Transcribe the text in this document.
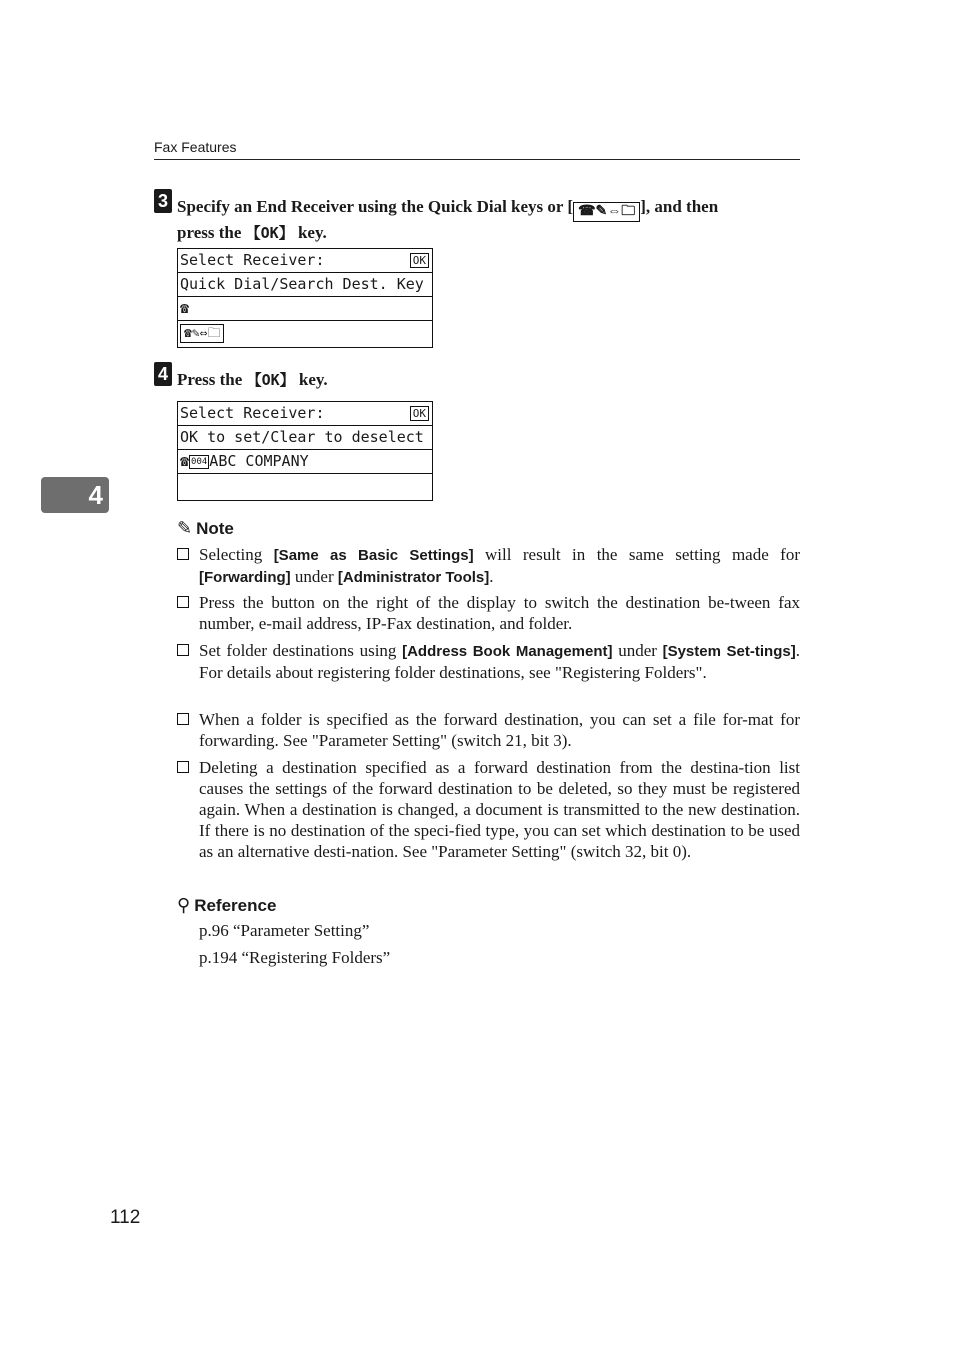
Fax Features
4
3 Specify an End Receiver using the Quick Dial keys or [ ☎✎⇔🗀 ], and then
press the 【OK】 key.
Select Receiver:	OK
Quick Dial/Search Dest. Key
☎
☎✎⇔🗀
4 Press the 【OK】 key.
Select Receiver:	OK
OK to set/Clear to deselect
☎ 004 ABC COMPANY
✎ Note
Selecting [Same as Basic Settings] will result in the same setting made for [Forwarding] under [Administrator Tools].
Press the button on the right of the display to switch the destination be-tween fax number, e-mail address, IP-Fax destination, and folder.
Set folder destinations using [Address Book Management] under [System Set-tings]. For details about registering folder destinations, see "Registering Folders".
When a folder is specified as the forward destination, you can set a file for-mat for forwarding. See "Parameter Setting" (switch 21, bit 3).
Deleting a destination specified as a forward destination from the destina-tion list causes the settings of the forward destination to be deleted, so they must be registered again. When a destination is changed, a document is transmitted to the new destination. If there is no destination of the speci-fied type, you can set which destination to be used as an alternative desti-nation. See "Parameter Setting" (switch 32, bit 0).
⚲ Reference
p.96 “Parameter Setting”
p.194 “Registering Folders”
112
